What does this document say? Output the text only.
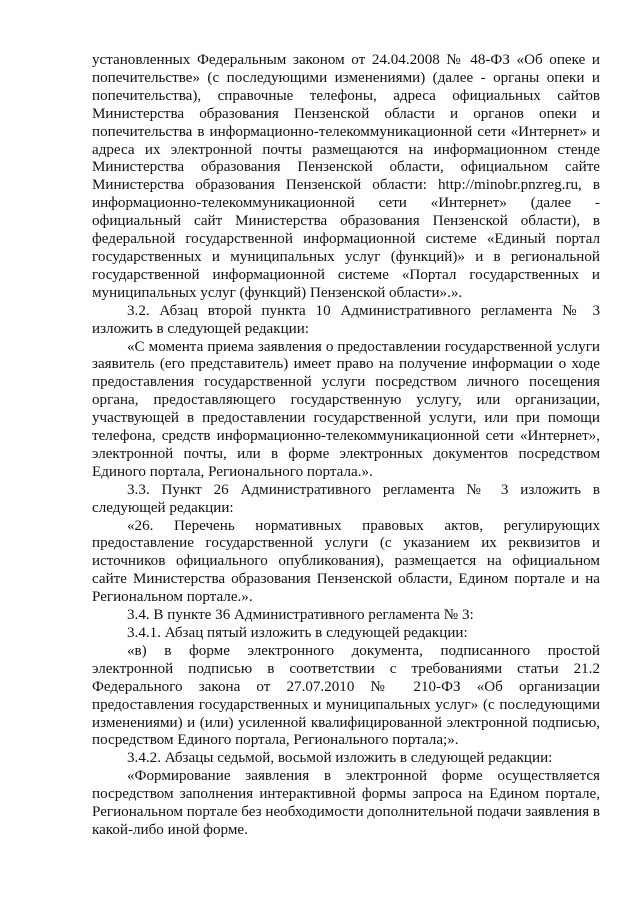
установленных Федеральным законом от 24.04.2008 № 48-ФЗ «Об опеке и попечительстве» (с последующими изменениями) (далее - органы опеки и попечительства), справочные телефоны, адреса официальных сайтов Министерства образования Пензенской области и органов опеки и попечительства в информационно-телекоммуникационной сети «Интернет» и адреса их электронной почты размещаются на информационном стенде Министерства образования Пензенской области, официальном сайте Министерства образования Пензенской области: http://minobr.pnzreg.ru, в информационно-телекоммуникационной сети «Интернет» (далее - официальный сайт Министерства образования Пензенской области), в федеральной государственной информационной системе «Единый портал государственных и муниципальных услуг (функций)» и в региональной государственной информационной системе «Портал государственных и муниципальных услуг (функций) Пензенской области».».

3.2. Абзац второй пункта 10 Административного регламента № 3 изложить в следующей редакции:

«С момента приема заявления о предоставлении государственной услуги заявитель (его представитель) имеет право на получение информации о ходе предоставления государственной услуги посредством личного посещения органа, предоставляющего государственную услугу, или организации, участвующей в предоставлении государственной услуги, или при помощи телефона, средств информационно-телекоммуникационной сети «Интернет», электронной почты, или в форме электронных документов посредством Единого портала, Регионального портала.».

3.3. Пункт 26 Административного регламента № 3 изложить в следующей редакции:

«26. Перечень нормативных правовых актов, регулирующих предоставление государственной услуги (с указанием их реквизитов и источников официального опубликования), размещается на официальном сайте Министерства образования Пензенской области, Едином портале и на Региональном портале.».

3.4. В пункте 36 Административного регламента № 3:

3.4.1. Абзац пятый изложить в следующей редакции:

«в) в форме электронного документа, подписанного простой электронной подписью в соответствии с требованиями статьи 21.2 Федерального закона от 27.07.2010 № 210-ФЗ «Об организации предоставления государственных и муниципальных услуг» (с последующими изменениями) и (или) усиленной квалифицированной электронной подписью, посредством Единого портала, Регионального портала;».

3.4.2. Абзацы седьмой, восьмой изложить в следующей редакции:

«Формирование заявления в электронной форме осуществляется посредством заполнения интерактивной формы запроса на Едином портале, Региональном портале без необходимости дополнительной подачи заявления в какой-либо иной форме.
